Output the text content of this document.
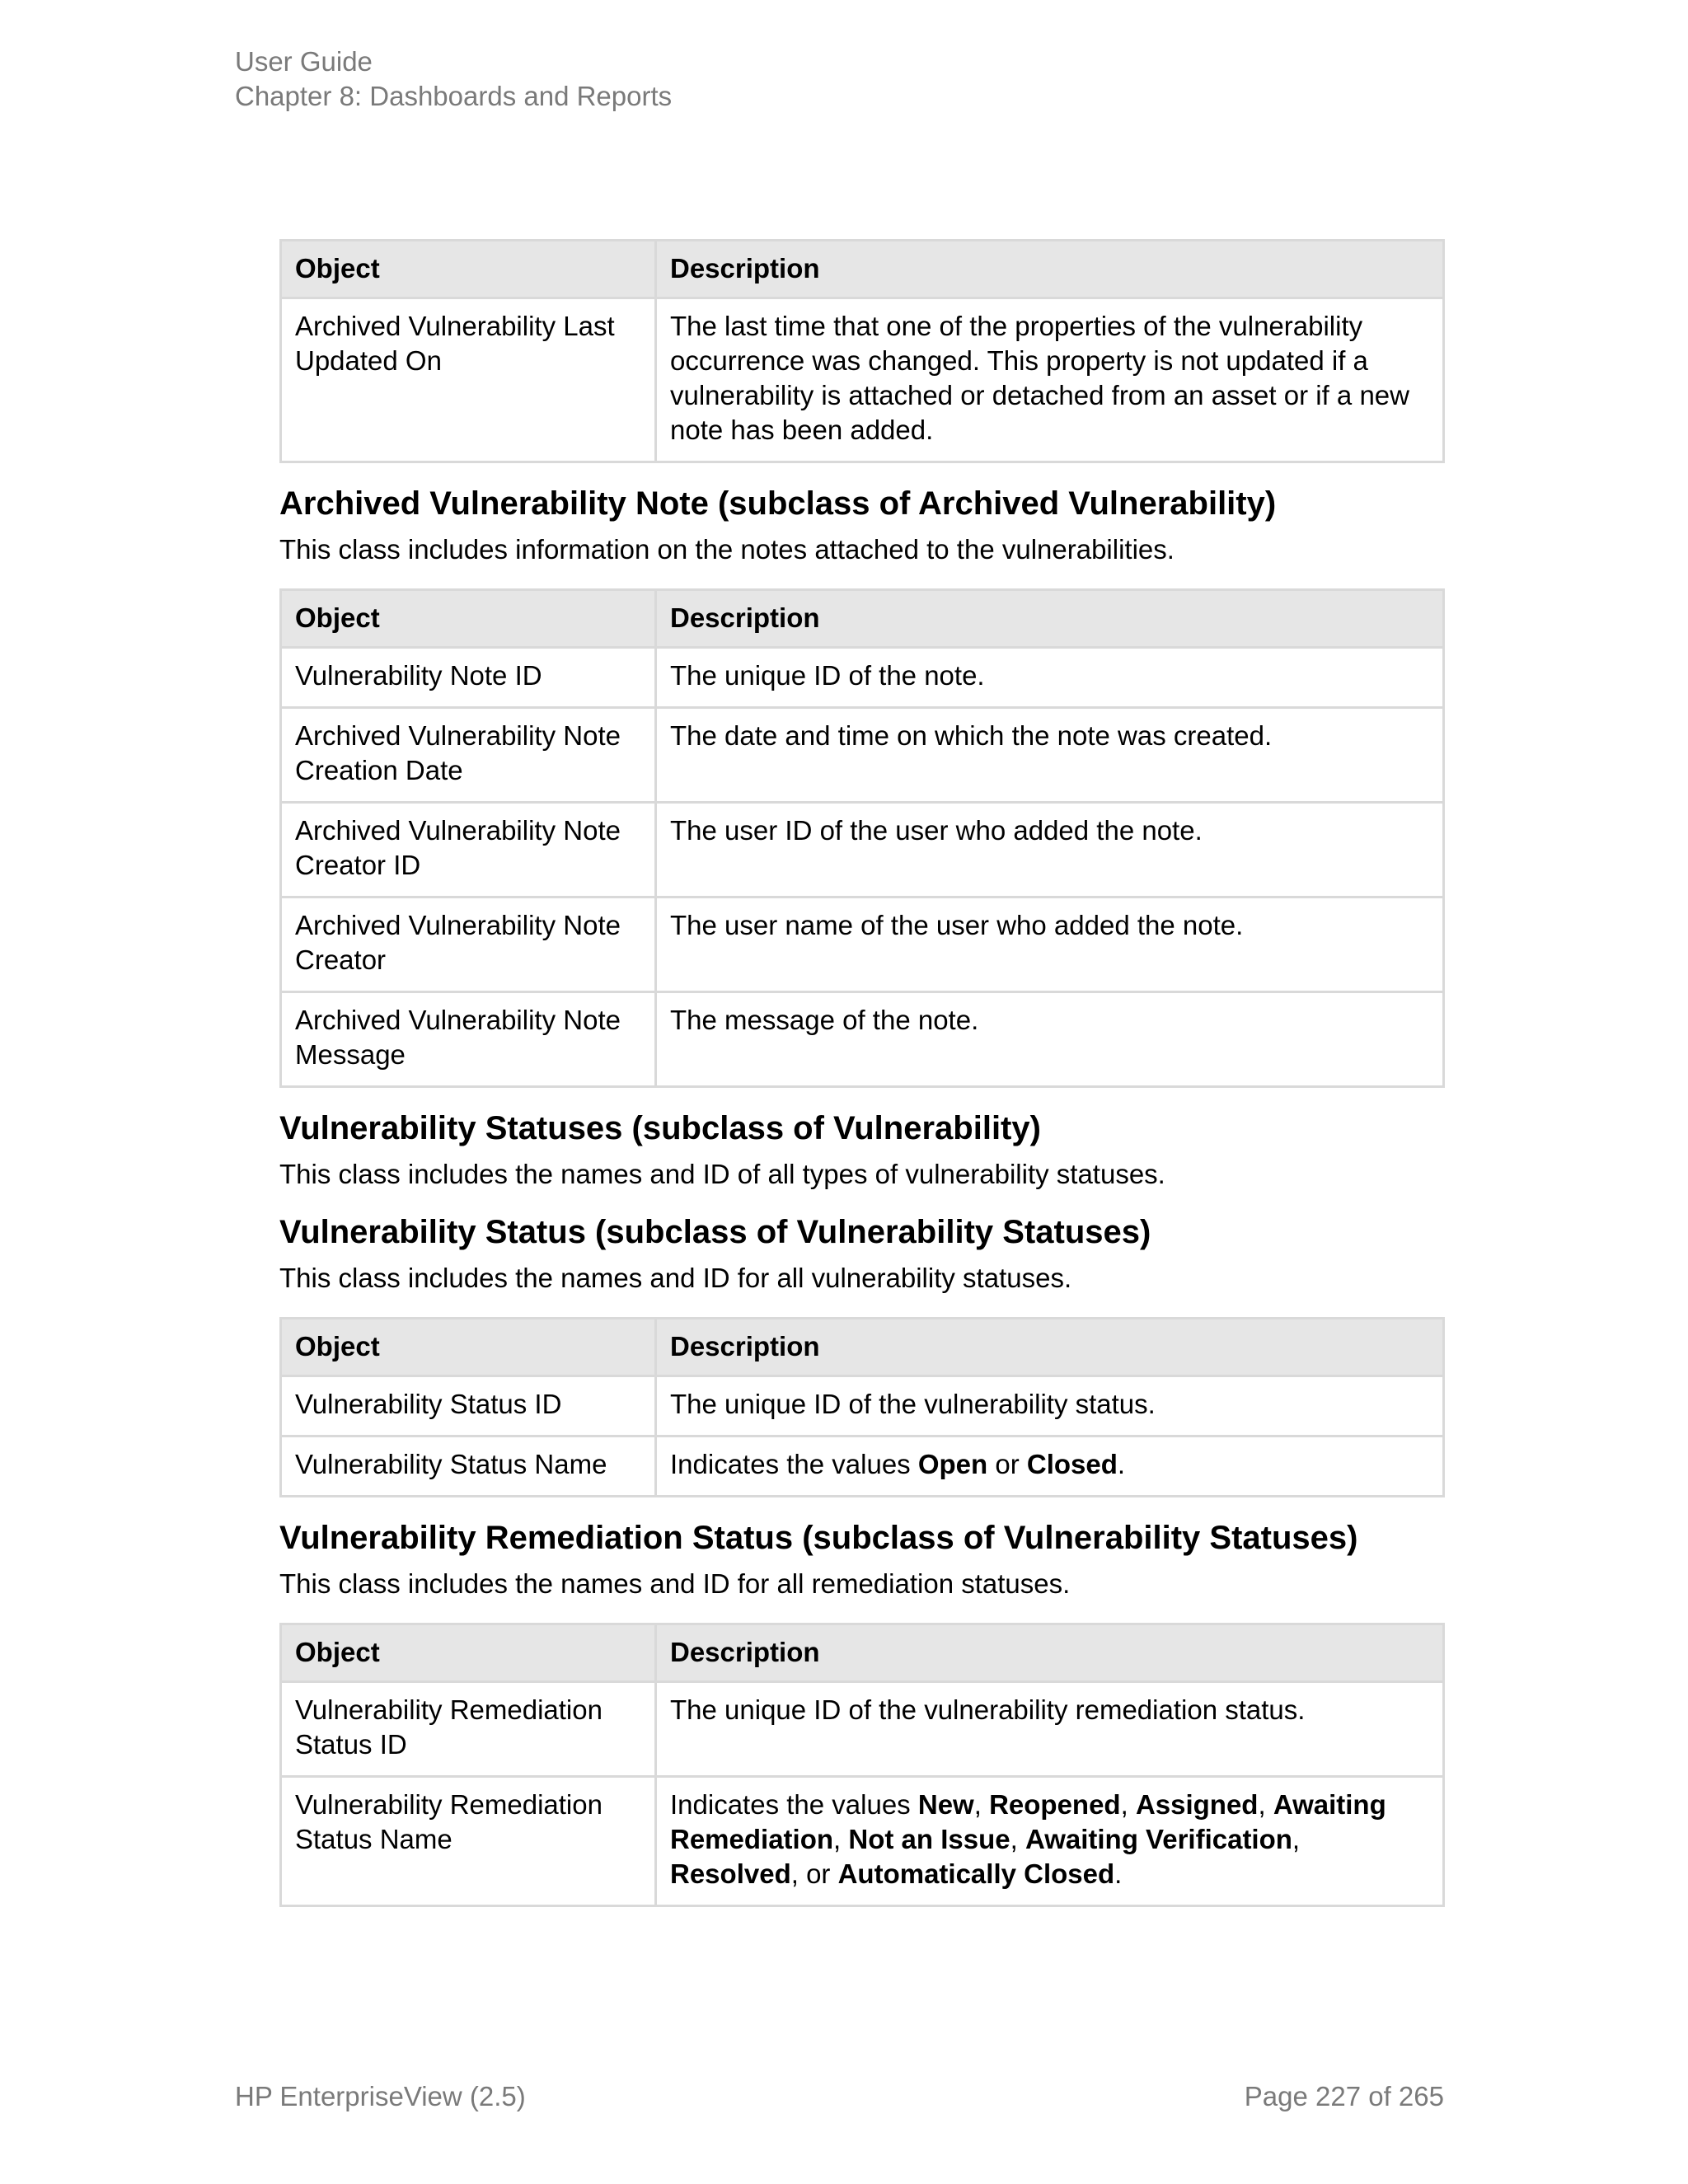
User Guide
Chapter 8: Dashboards and Reports
Object	Description
Archived Vulnerability Last Updated On	The last time that one of the properties of the vulnerability occurrence was changed. This property is not updated if a vulnerability is attached or detached from an asset or if a new note has been added.
Archived Vulnerability Note (subclass of Archived Vulnerability)

This class includes information on the notes attached to the vulnerabilities.

Object	Description
Vulnerability Note ID	The unique ID of the note.
Archived Vulnerability Note Creation Date	The date and time on which the note was created.
Archived Vulnerability Note Creator ID	The user ID of the user who added the note.
Archived Vulnerability Note Creator	The user name of the user who added the note.
Archived Vulnerability Note Message	The message of the note.
Vulnerability Statuses (subclass of Vulnerability)

This class includes the names and ID of all types of vulnerability statuses.

Vulnerability Status (subclass of Vulnerability Statuses)

This class includes the names and ID for all vulnerability statuses.

Object	Description
Vulnerability Status ID	The unique ID of the vulnerability status.
Vulnerability Status Name	Indicates the values Open or Closed.
Vulnerability Remediation Status (subclass of Vulnerability Statuses)

This class includes the names and ID for all remediation statuses.

Object	Description
Vulnerability Remediation Status ID	The unique ID of the vulnerability remediation status.
Vulnerability Remediation Status Name	Indicates the values New, Reopened, Assigned, Awaiting Remediation, Not an Issue, Awaiting Verification, Resolved, or Automatically Closed.
HP EnterpriseView (2.5)	Page 227 of 265
